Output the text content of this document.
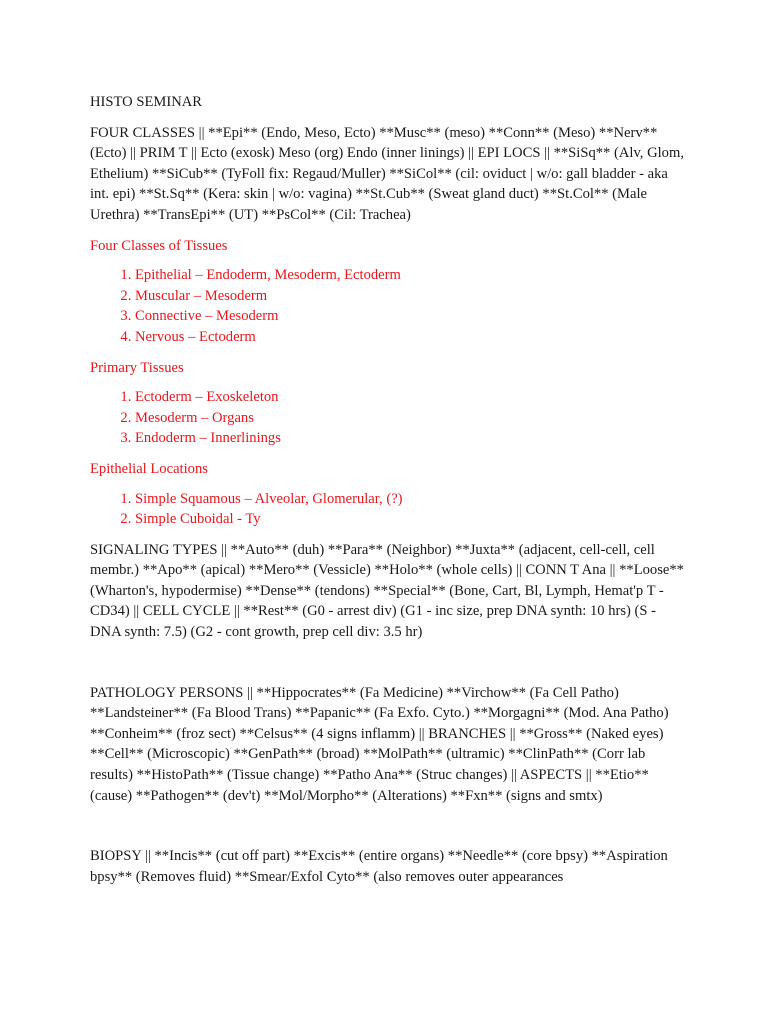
HISTO SEMINAR

FOUR CLASSES || **Epi** (Endo, Meso, Ecto) **Musc** (meso) **Conn** (Meso) **Nerv** (Ecto) || PRIM T || Ecto (exosk) Meso (org) Endo (inner linings) || EPI LOCS || **SiSq** (Alv, Glom, Ethelium) **SiCub** (TyFoll fix: Regaud/Muller) **SiCol** (cil: oviduct | w/o: gall bladder - aka int. epi) **St.Sq** (Kera: skin | w/o: vagina) **St.Cub** (Sweat gland duct) **St.Col** (Male Urethra) **TransEpi** (UT) **PsCol** (Cil: Trachea)

Four Classes of Tissues

1. Epithelial – Endoderm, Mesoderm, Ectoderm
2. Muscular – Mesoderm
3. Connective – Mesoderm
4. Nervous – Ectoderm

Primary Tissues

1. Ectoderm – Exoskeleton
2. Mesoderm – Organs
3. Endoderm – Innerlinings

Epithelial Locations

1. Simple Squamous – Alveolar, Glomerular, (?)
2. Simple Cuboidal - Ty

SIGNALING TYPES || **Auto** (duh) **Para** (Neighbor) **Juxta** (adjacent, cell-cell, cell membr.) **Apo** (apical) **Mero** (Vessicle) **Holo** (whole cells) || CONN T Ana || **Loose** (Wharton's, hypodermise) **Dense** (tendons) **Special** (Bone, Cart, Bl, Lymph, Hemat'p T - CD34) || CELL CYCLE || **Rest** (G0 - arrest div) (G1 - inc size, prep DNA synth: 10 hrs) (S - DNA synth: 7.5) (G2 - cont growth, prep cell div: 3.5 hr)

PATHOLOGY PERSONS || **Hippocrates** (Fa Medicine) **Virchow** (Fa Cell Patho) **Landsteiner** (Fa Blood Trans) **Papanic** (Fa Exfo. Cyto.) **Morgagni** (Mod. Ana Patho) **Conheim** (froz sect) **Celsus** (4 signs inflamm) || BRANCHES || **Gross** (Naked eyes) **Cell** (Microscopic) **GenPath** (broad) **MolPath** (ultramic) **ClinPath** (Corr lab results) **HistoPath** (Tissue change) **Patho Ana** (Struc changes) || ASPECTS || **Etio** (cause) **Pathogen** (dev't) **Mol/Morpho** (Alterations) **Fxn** (signs and smtx)

BIOPSY || **Incis** (cut off part) **Excis** (entire organs) **Needle** (core bpsy) **Aspiration bpsy** (Removes fluid) **Smear/Exfol Cyto** (also removes outer appearances
